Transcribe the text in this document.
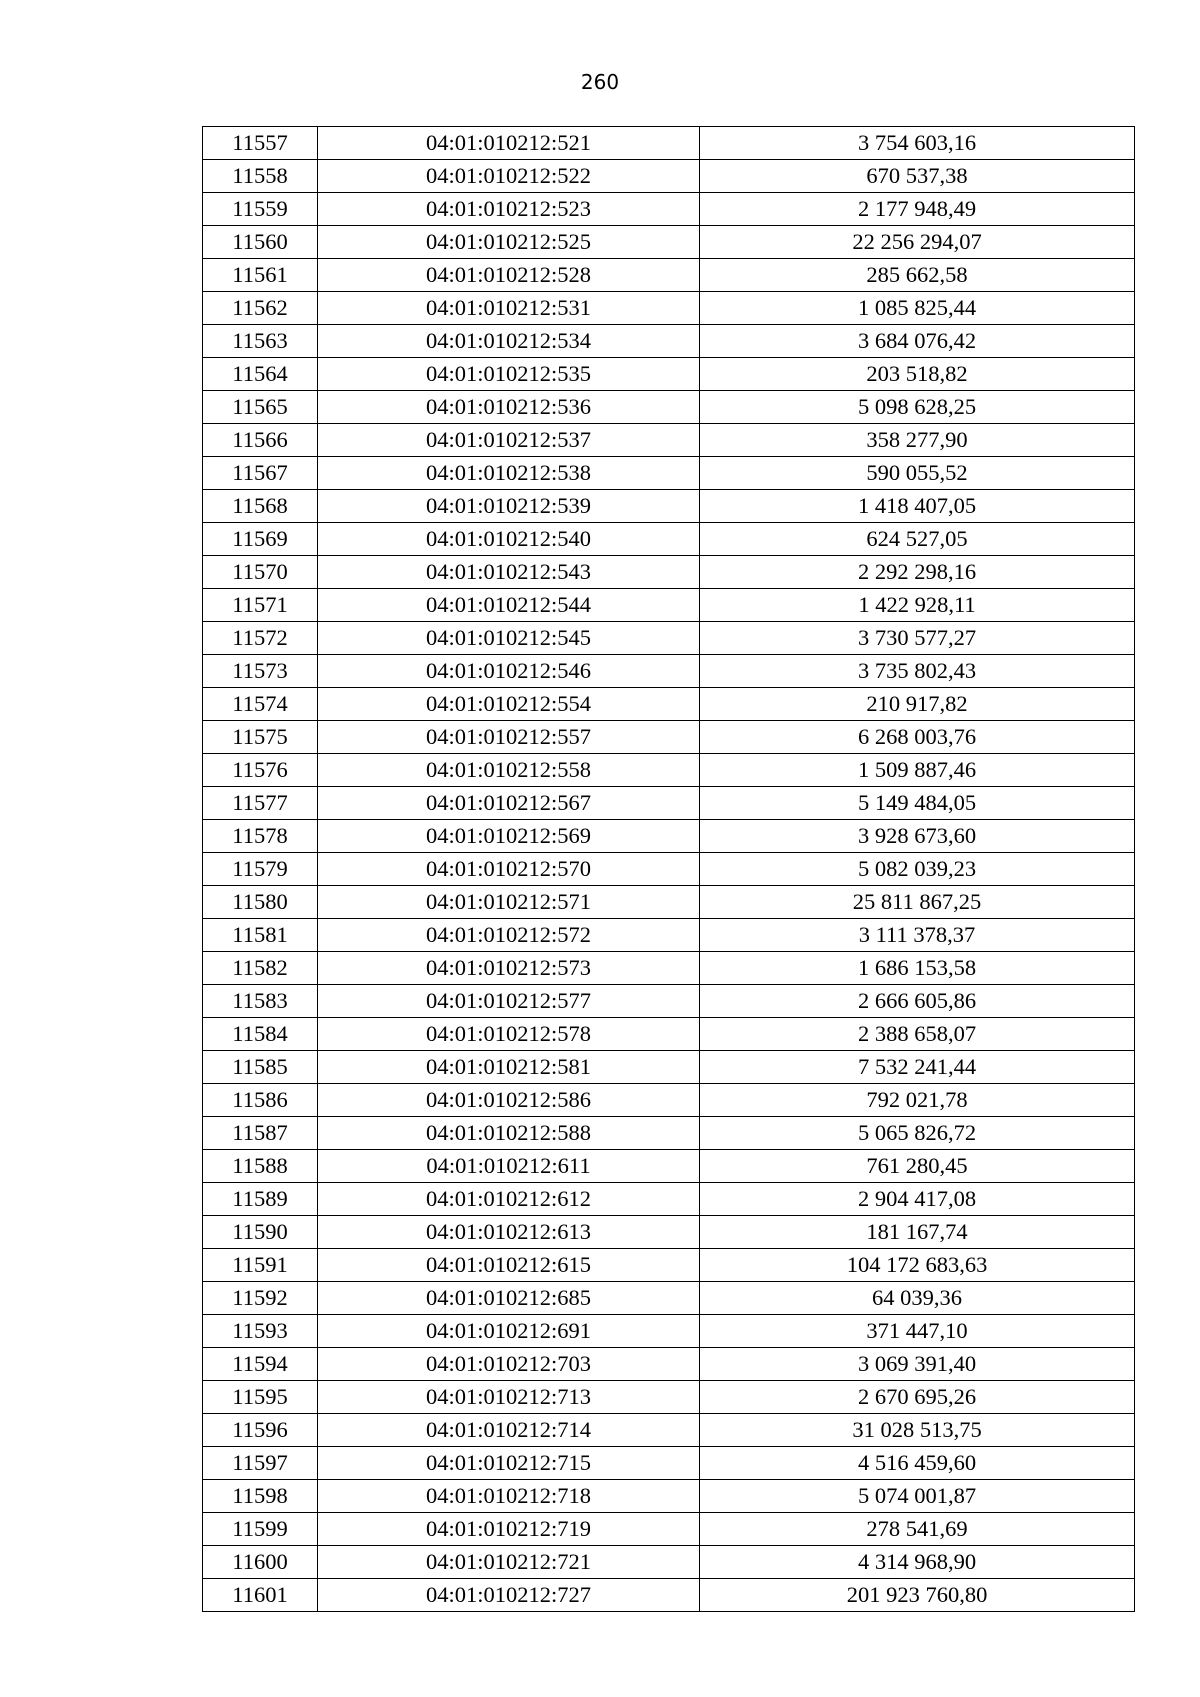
260
11557	04:01:010212:521	3 754 603,16
11558	04:01:010212:522	670 537,38
11559	04:01:010212:523	2 177 948,49
11560	04:01:010212:525	22 256 294,07
11561	04:01:010212:528	285 662,58
11562	04:01:010212:531	1 085 825,44
11563	04:01:010212:534	3 684 076,42
11564	04:01:010212:535	203 518,82
11565	04:01:010212:536	5 098 628,25
11566	04:01:010212:537	358 277,90
11567	04:01:010212:538	590 055,52
11568	04:01:010212:539	1 418 407,05
11569	04:01:010212:540	624 527,05
11570	04:01:010212:543	2 292 298,16
11571	04:01:010212:544	1 422 928,11
11572	04:01:010212:545	3 730 577,27
11573	04:01:010212:546	3 735 802,43
11574	04:01:010212:554	210 917,82
11575	04:01:010212:557	6 268 003,76
11576	04:01:010212:558	1 509 887,46
11577	04:01:010212:567	5 149 484,05
11578	04:01:010212:569	3 928 673,60
11579	04:01:010212:570	5 082 039,23
11580	04:01:010212:571	25 811 867,25
11581	04:01:010212:572	3 111 378,37
11582	04:01:010212:573	1 686 153,58
11583	04:01:010212:577	2 666 605,86
11584	04:01:010212:578	2 388 658,07
11585	04:01:010212:581	7 532 241,44
11586	04:01:010212:586	792 021,78
11587	04:01:010212:588	5 065 826,72
11588	04:01:010212:611	761 280,45
11589	04:01:010212:612	2 904 417,08
11590	04:01:010212:613	181 167,74
11591	04:01:010212:615	104 172 683,63
11592	04:01:010212:685	64 039,36
11593	04:01:010212:691	371 447,10
11594	04:01:010212:703	3 069 391,40
11595	04:01:010212:713	2 670 695,26
11596	04:01:010212:714	31 028 513,75
11597	04:01:010212:715	4 516 459,60
11598	04:01:010212:718	5 074 001,87
11599	04:01:010212:719	278 541,69
11600	04:01:010212:721	4 314 968,90
11601	04:01:010212:727	201 923 760,80
